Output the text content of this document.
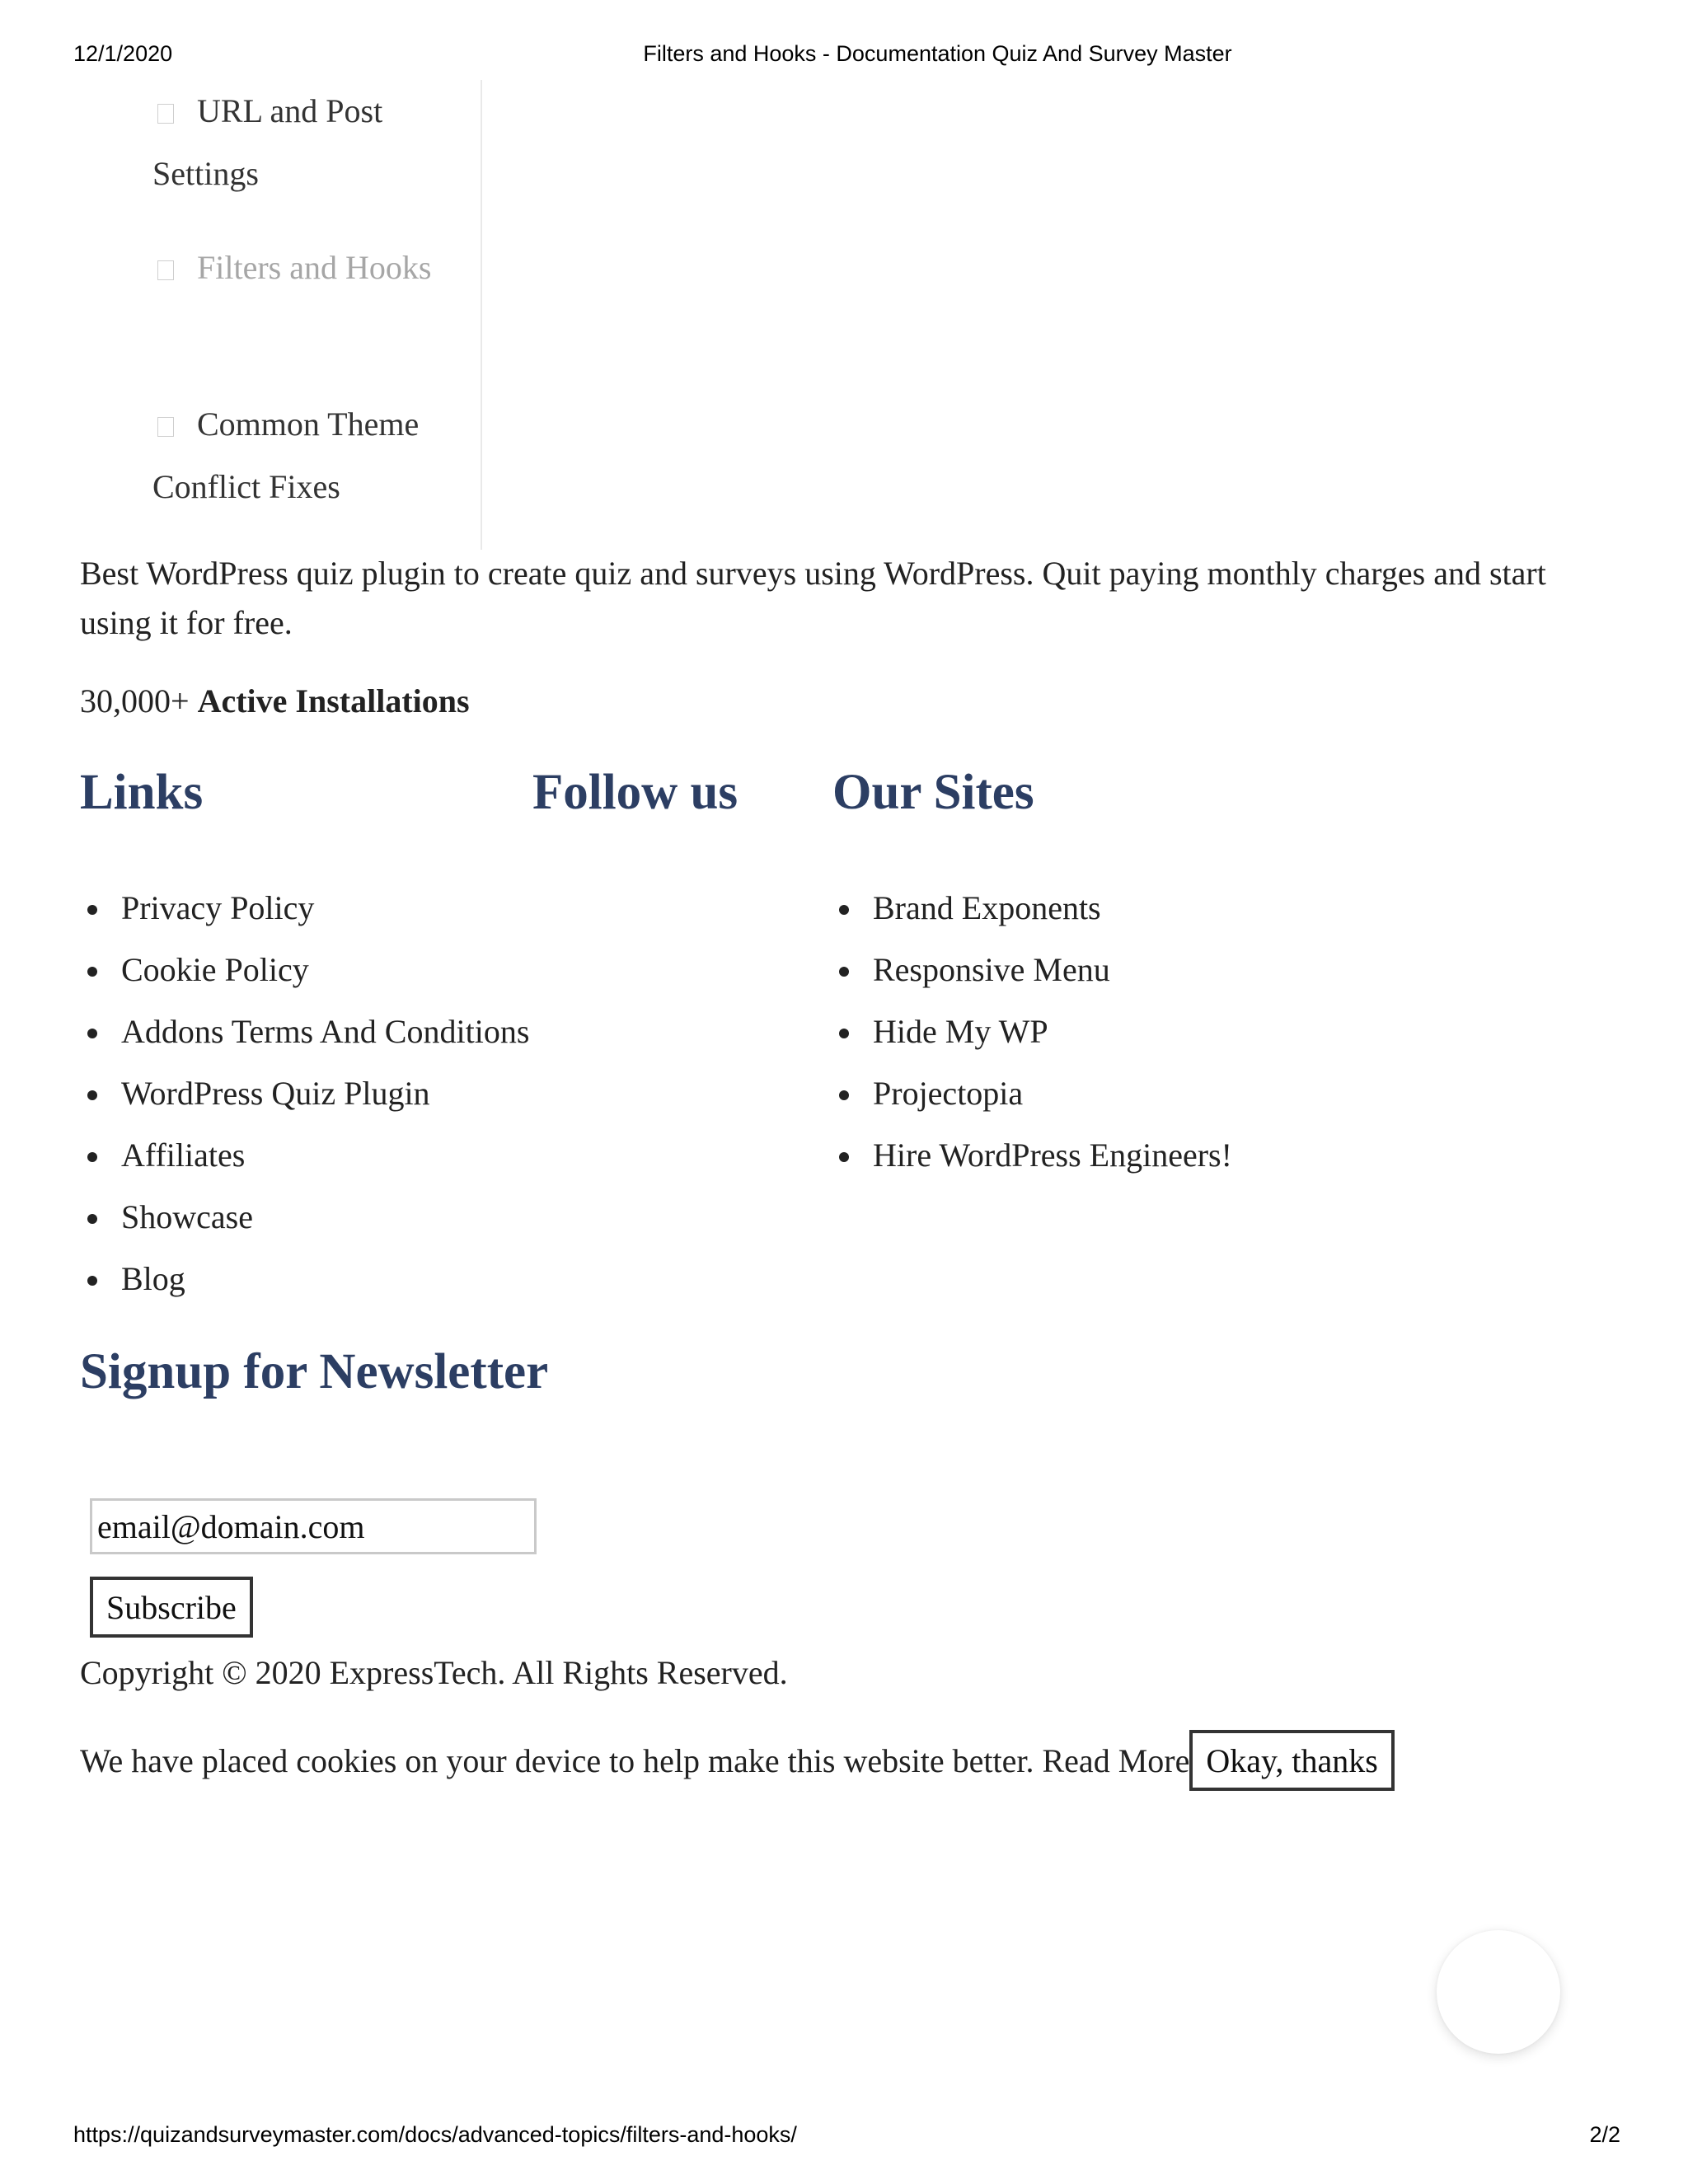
12/1/2020	Filters and Hooks - Documentation Quiz And Survey Master
URL and Post Settings
Filters and Hooks
Common Theme Conflict Fixes

Best WordPress quiz plugin to create quiz and surveys using WordPress. Quit paying monthly charges and start using it for free.

30,000+ Active Installations

Links	Follow us Our Sites
Privacy Policy
Cookie Policy
Addons Terms And Conditions
WordPress Quiz Plugin
Affiliates
Showcase
Blog
Brand Exponents
Responsive Menu
Hide My WP
Projectopia
Hire WordPress Engineers!
Signup for Newsletter
email@domain.com
Subscribe

Copyright © 2020 ExpressTech. All Rights Reserved.

We have placed cookies on your device to help make this website better.
Read More Okay, thanks
https://quizandsurveymaster.com/docs/advanced-topics/filters-and-hooks/	2/2
